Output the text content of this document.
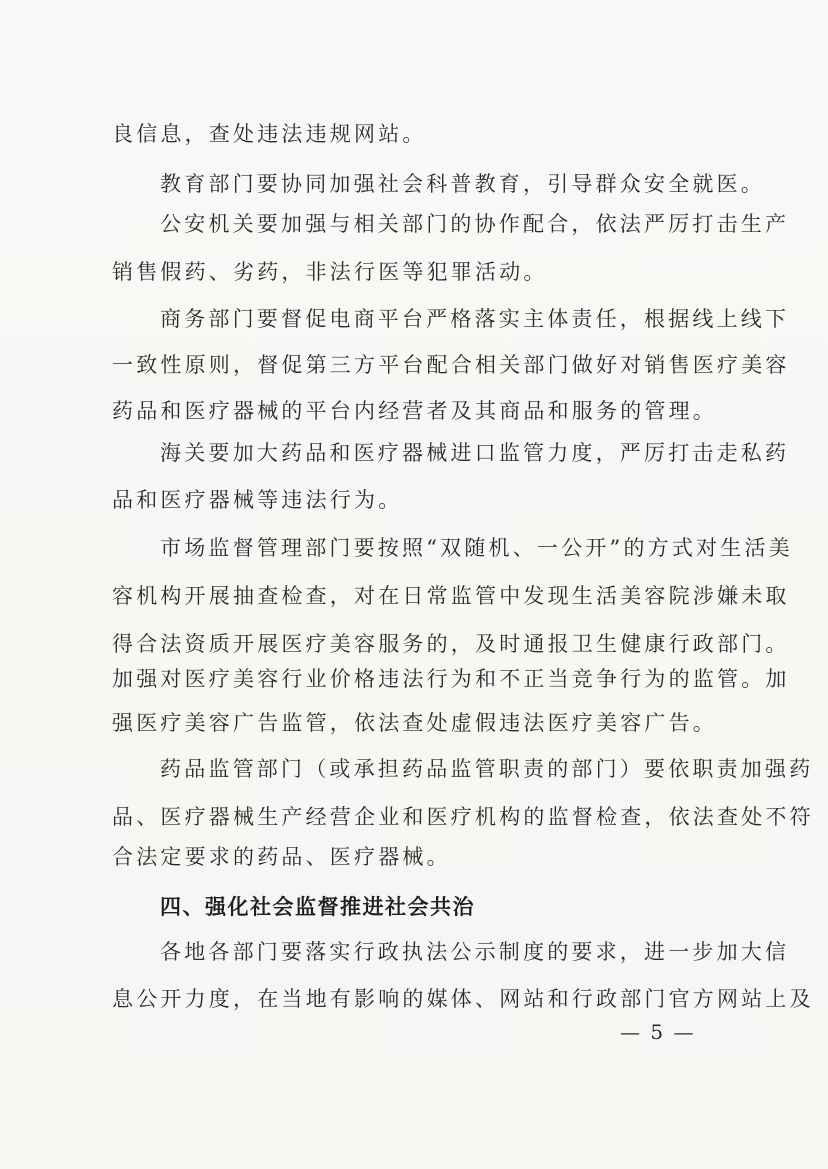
良信息，查处违法违规网站。
教育部门要协同加强社会科普教育，引导群众安全就医。
公安机关要加强与相关部门的协作配合，依法严厉打击生产
销售假药、劣药，非法行医等犯罪活动。
商务部门要督促电商平台严格落实主体责任，根据线上线下
一致性原则，督促第三方平台配合相关部门做好对销售医疗美容
药品和医疗器械的平台内经营者及其商品和服务的管理。
海关要加大药品和医疗器械进口监管力度，严厉打击走私药
品和医疗器械等违法行为。
市场监督管理部门要按照“双随机、一公开”的方式对生活美
容机构开展抽查检查，对在日常监管中发现生活美容院涉嫌未取
得合法资质开展医疗美容服务的，及时通报卫生健康行政部门。
加强对医疗美容行业价格违法行为和不正当竞争行为的监管。加
强医疗美容广告监管，依法查处虚假违法医疗美容广告。
药品监管部门（或承担药品监管职责的部门）要依职责加强药
品、医疗器械生产经营企业和医疗机构的监督检查，依法查处不符
合法定要求的药品、医疗器械。
四、强化社会监督推进社会共治
各地各部门要落实行政执法公示制度的要求，进一步加大信
息公开力度，在当地有影响的媒体、网站和行政部门官方网站上及
— 5 —
